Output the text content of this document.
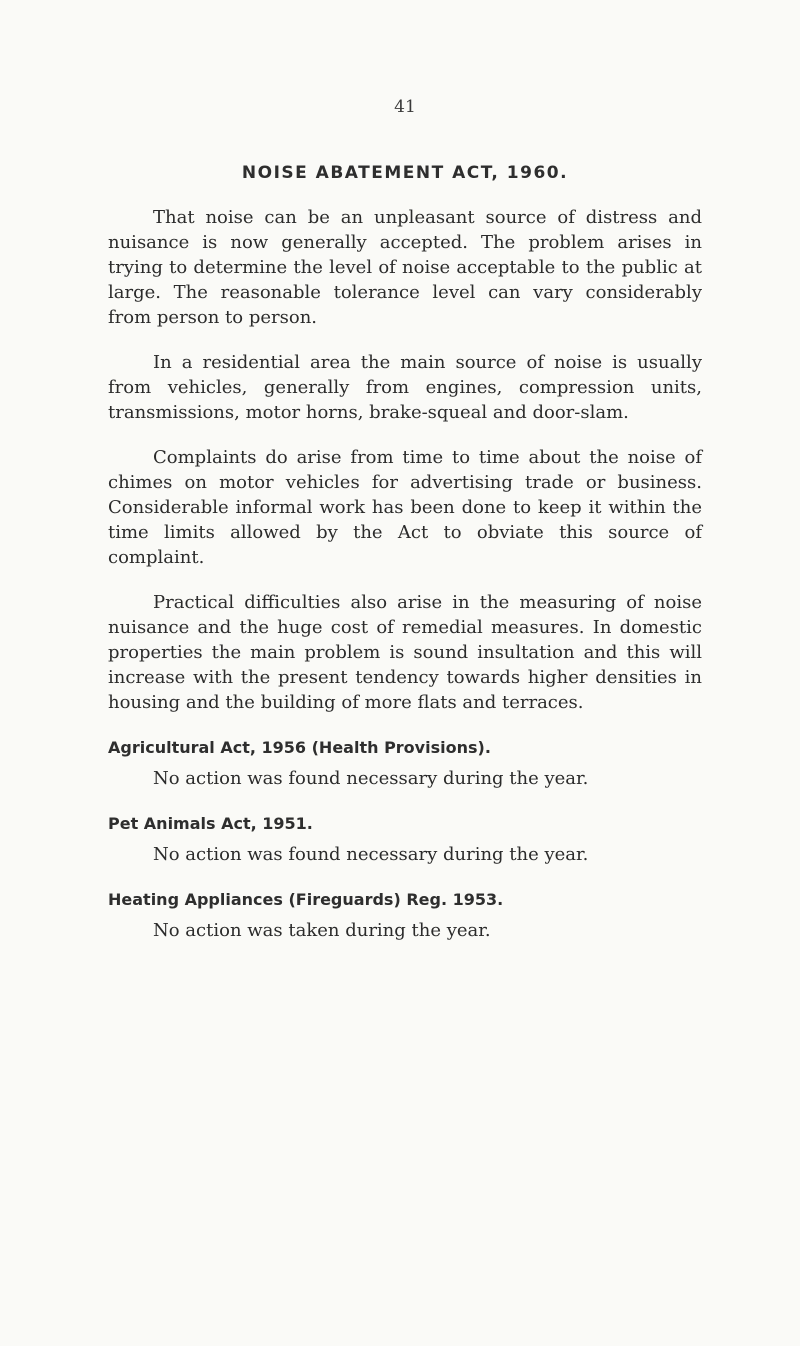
41
NOISE ABATEMENT ACT, 1960.

That noise can be an unpleasant source of distress and nuisance is now generally accepted. The problem arises in trying to determine the level of noise acceptable to the public at large. The reasonable tolerance level can vary considerably from person to person.

In a residential area the main source of noise is usually from vehicles, generally from engines, compression units, transmissions, motor horns, brake-squeal and door-slam.

Complaints do arise from time to time about the noise of chimes on motor vehicles for advertising trade or business. Considerable informal work has been done to keep it within the time limits allowed by the Act to obviate this source of complaint.

Practical difficulties also arise in the measuring of noise nuisance and the huge cost of remedial measures. In domestic properties the main problem is sound insultation and this will increase with the present tendency towards higher densities in housing and the building of more flats and terraces.

Agricultural Act, 1956 (Health Provisions).

No action was found necessary during the year.

Pet Animals Act, 1951.

No action was found necessary during the year.

Heating Appliances (Fireguards) Reg. 1953.

No action was taken during the year.
